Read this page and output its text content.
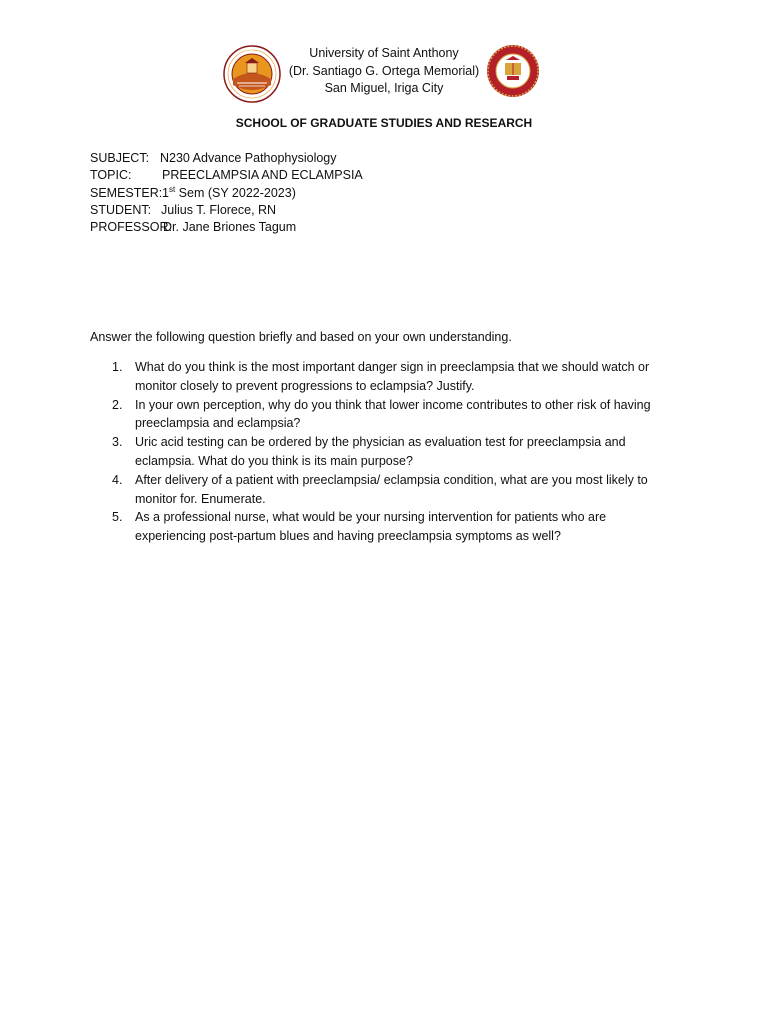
University of Saint Anthony
(Dr. Santiago G. Ortega Memorial)
San Miguel, Iriga City
SCHOOL OF GRADUATE STUDIES AND RESEARCH
SUBJECT: N230 Advance Pathophysiology
TOPIC: PREECLAMPSIA AND ECLAMPSIA
SEMESTER: 1st Sem (SY 2022-2023)
STUDENT: Julius T. Florece, RN
PROFESSOR:
Dr. Jane Briones Tagum
Answer the following question briefly and based on your own understanding.
1. What do you think is the most important danger sign in preeclampsia that we should watch or
monitor closely to prevent progressions to eclampsia? Justify.
2. In your own perception, why do you think that lower income contributes to other risk of having
preeclampsia and eclampsia?
3. Uric acid testing can be ordered by the physician as evaluation test for preeclampsia and
eclampsia. What do you think is its main purpose?
4. After delivery of a patient with preeclampsia/ eclampsia condition, what are you most likely to
monitor for. Enumerate.
5. As a professional nurse, what would be your nursing intervention for patients who are
experiencing post-partum blues and having preeclampsia symptoms as well?
